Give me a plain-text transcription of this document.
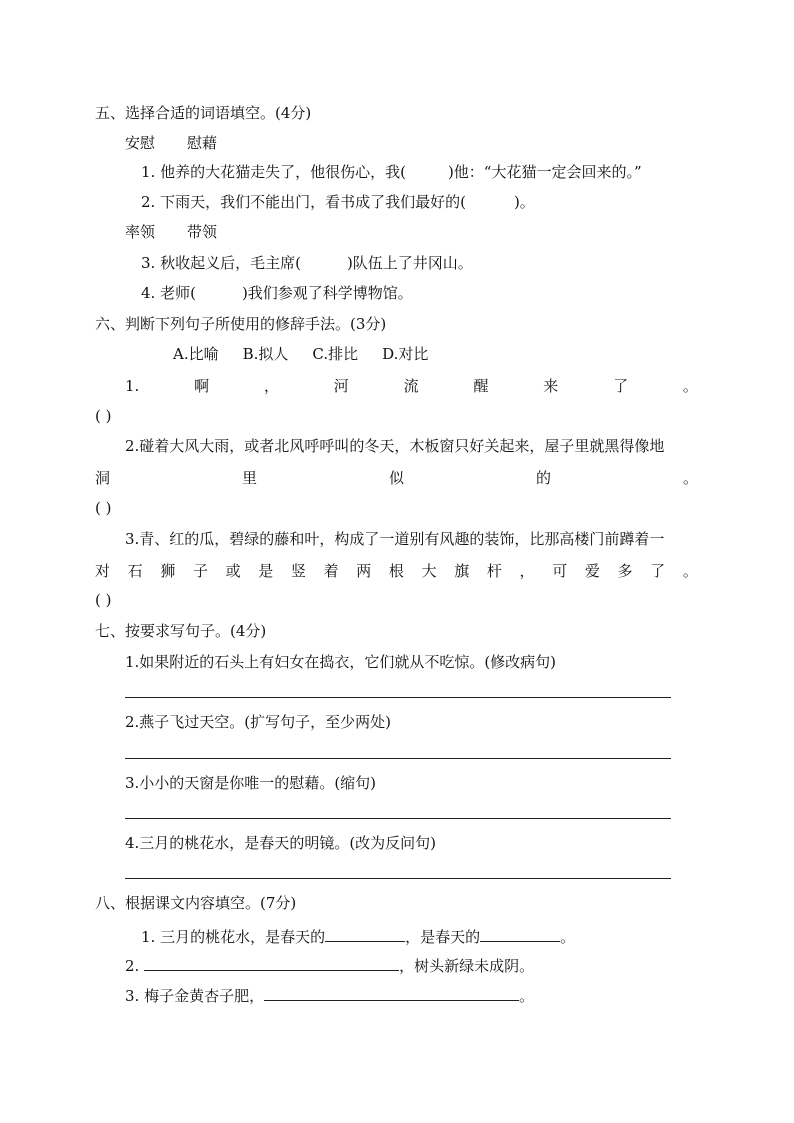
五、选择合适的词语填空。(4分)
安慰 慰藉
1. 他养的大花猫走失了，他很伤心，我(	)他：“大花猫一定会回来的。”
2. 下雨天，我们不能出门，看书成了我们最好的(	)。
率领 带领
3. 秋收起义后，毛主席(	)队伍上了井冈山。
4. 老师(	)我们参观了科学博物馆。
六、判断下列句子所使用的修辞手法。(3分)
A.比喻 B.拟人 C.排比 D.对比
1.	啊	，	河	流	醒	来	了	。
( )
2.碰着大风大雨，或者北风呼呼叫的冬天，木板窗只好关起来，屋子里就黑得像地
洞	里	似	的	。
( )
3.青、红的瓜，碧绿的藤和叶，构成了一道别有风趣的装饰，比那高楼门前蹲着一
对 石 狮 子 或 是 竖 着 两 根 大 旗 杆 ， 可 爱 多 了 。
( )
七、按要求写句子。(4分)
1.如果附近的石头上有妇女在捣衣，它们就从不吃惊。(修改病句)
2.燕子飞过天空。(扩写句子，至少两处)
3.小小的天窗是你唯一的慰藉。(缩句)
4.三月的桃花水，是春天的明镜。(改为反问句)
八、根据课文内容填空。(7分)
1. 三月的桃花水，是春天的	，是春天的	。
2.	，树头新绿未成阴。
3. 梅子金黄杏子肥，	。
